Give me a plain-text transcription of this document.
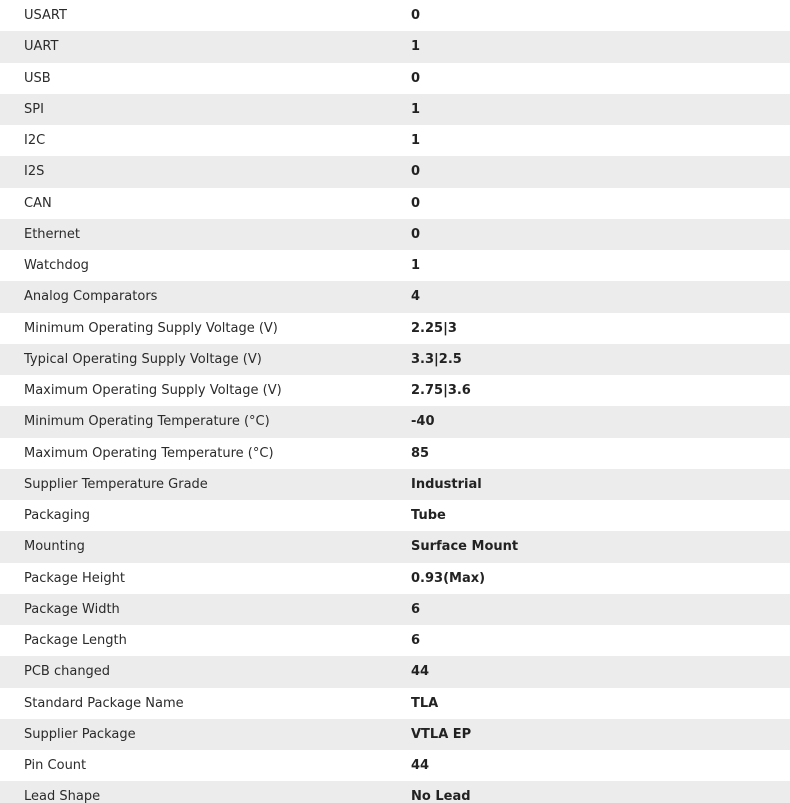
USART	0
UART	1
USB	0
SPI	1
I2C	1
I2S	0
CAN	0
Ethernet	0
Watchdog	1
Analog Comparators	4
Minimum Operating Supply Voltage (V)	2.25|3
Typical Operating Supply Voltage (V)	3.3|2.5
Maximum Operating Supply Voltage (V)	2.75|3.6
Minimum Operating Temperature (°C)	-40
Maximum Operating Temperature (°C)	85
Supplier Temperature Grade	Industrial
Packaging	Tube
Mounting	Surface Mount
Package Height	0.93(Max)
Package Width	6
Package Length	6
PCB changed	44
Standard Package Name	TLA
Supplier Package	VTLA EP
Pin Count	44
Lead Shape	No Lead
